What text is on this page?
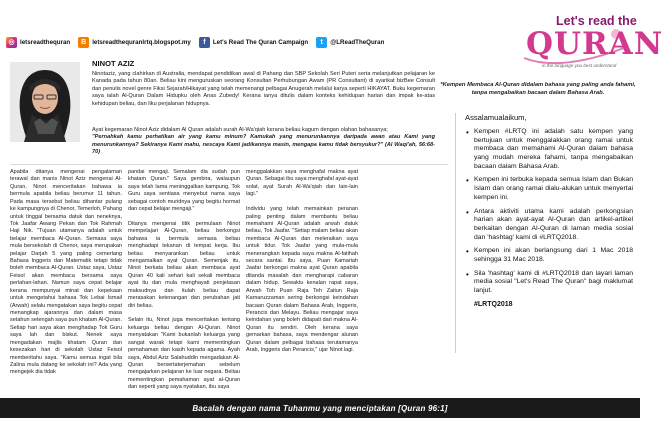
◎ letsreadthequran	B letsreadthequranlrtq.blogspot.my	f	Let's Read The Quran Campaign	t	@LReadTheQuran
Let's read the
QURAN
in the language you best understand
*Kempen Membaca Al-Quran didalam bahasa yang paling anda fahami, tanpa mengabaikan bacaan dalam Bahasa Arab.
NINOT AZIZ

Ninotaziz, yang clahirkan di Australia, mendapat pendidikan awal di Pahang dan SBP Sekolah Seri Puteri serta melanjutkan pelajaran ke Kanada pada tahun 80an. Beliau kini menguruskan seorang Konsultan Perhubungan Awam (PR Consultant) di syarikat bizBee Consult dan penulis novel genre Fiksi Sejarah/Hikayat yang telah memenangi pelbagai Anugerah melalui karya seperti HIKAYAT. Buku kegemaran saya ialah Al-Quran Dalam Hidupku oleh Anas Zubedy! Kerana ianya ditulis dalam konteks kehidupan harian dan impak ke-atas kehidupan beliau, dan liku perjalanan hidupnya.

Ayat kegemaran Ninot Aziz didalam Al Quran adalah surah Al-Wa'qiah kerana beliau kagum dengan olahan bahasanya;
"Pernahkah kamu perhatikan air yang kamu minum? Kamukah yang menurunkannya daripada awan atau Kami yang menurunkannya? Sekiranya Kami mahu, nescaya Kami jadikannya masin, mengapa kamu tidak bersyukur?" (Al Waqi'ah, 56:68-70)

Apabila ditanya mengenai pengalaman terawal dan manis Ninot Aziz mengenai Al-Quran, Ninot menceritakan bahawa ia bermula apabila beliau berumur 11 tahun. Pada masa tersebut beliau dihantar pulang ke kampungnya di Chenor, Temerloh, Pahang untuk tinggal bersama datuk dan neneknya, Tok Jaafar Awang Pekan dan Tok Rahmah Haji Nik. "Tujuan utamanya adalah untuk belajar membaca Al-Quran. Semasa saya mula bersekolah di Chenor, saya merupakan pelajar Darjah 5 yang paling cemerlang Bahasa Inggeris dan Matematik tetapi tidak boleh membaca Al-Quran. Ustaz saya, Ustaz Feisol akan membaca bersama saya perlahan-lahan. Namun saya cepat belajar kerana mempunyai minat dan kepekaan untuk mengetahui bahasa Tok Lebai Ismail (Arwah) selalu mengatakan saya begitu cepat menangkap ajarannya dan dalam masa setahun setengah saya pun khatam Al-Quran. Setiap hari saya akan menghadap Tok Guru saya lah dan biskut. Nenek saya mengadakan majlis khatam Quran dan kesezakan hari di sekolah Ustaz Feisol memberitahu saya. "Kamu semua ingat bila Zalina mula datang ke sekolah ini? Ada yang mengejek dia tidak

pandai mengaji. Semalam dia sudah pun khatam Quran." Saya gembira, walaupun saya telah lama meninggalkan kampung, Tok Guru saya sentiasa menyebut nama saya sebagai contoh muridnya yang begitu hormat dan cepat belajar mengaji."

Ditanya mengenai titik permulaan Ninot mempelajari Al-Quran, beliau berkongsi bahawa ia bermula semasa beliau menghadapi tekanan di tempat kerja. Ibu beliau menyarankan beliau untuk mengamalkan ayat Quran. Semenjak itu, Ninot berkata beliau akan membaca ayat Quran 40 kali sehari kali sekali membaca ayat itu dan mula menghayati penjelasan maksudnya dan itulah beliau dapat merasakan ketenangan dan perubahan jati diri beliau.

Selain itu, Ninot juga menceritakan tentang keluarga beliau dengan Al-Quran. Ninot menyatakan "Kami bukanlah keluarga yang sangat warak tetapi kami mementingkan pemahaman dan kasih kepada agama. Ayah saya, Abdul Aziz Salahuddin mengadakan Al-Quran bersertaterjemahan sebelum mengajarkan pelajaran ke luar negara. Beliau mementingkan pemahaman ayat al-Quran dan seperti yang saya nyatakan, ibu saya

menggalakkan saya menghafal makna ayat Quran. Sebagai ibu saya menghafal ayat-ayat solat, ayat Surah Al-Wa'qiah dan lain-lain lagi."

Individu yang telah memainkan peranan paling penting dalam membantu beliau memahami Al-Quran adalah arwah datuk beliau, Tok Jaafar. "Setiap malam beliau akan membaca Al-Quran dan meleraikan saya untuk tidur. Tok Jaafar yang mula-mula menerangkan kepada saya makna Al-fatihah secara santai. Ibu saya, Puan Kamariah Jaafar berkongsi makna ayat Quran apabila ditanda masalah dan mengharapi cabaran dalam hidup. Sewaktu kenalan rapat saya, Arwah Toh Puan Raja Teh Zaitun Raja Kamaruzzaman sering berkongsi keindahan bacaan Quran dalam Bahasa Arab, Inggeris, Perancis dan Melayu. Beliau mengajar saya keindahan yang boleh didapati dari makna Al-Quran itu sendiri. Oleh kerana saya gemarkan bahasa, saya mendengar alunan Quran dalam pelbagai bahasa terutamanya Arab, Inggeris dan Perancis," ujar Ninot lagi.

Assalamualaikum,
• Kempen #LRTQ ini adalah satu kempen yang bertujuan untuk menggalakkan orang ramai untuk membaca dan memahami Al-Quran dalam bahasa yang mudah mereka fahami, tanpa mengabaikan bacaan dalam Bahasa Arab.
• Kempen ini terbuka kepada semua Islam dan Bukan Islam dan orang ramai dialu-alukan untuk menyertai kempen ini.
• Antara aktiviti utama kami adalah perkongsian harian akan ayat-ayat Al-Quran dan artikel-artikel berkaitan dengan Al-Quran di laman media sosial dan 'hashtag' kami di #LRTQ2018.
• Kempen ini akan berlangsung dari 1 Mac 2018 sehingga 31 Mac 2018.
• Sila 'hashtag' kami di #LRTQ2018 dan layari laman media sosial "Let's Read The Quran" bagi maklumat lanjut.
#LRTQ2018
Bacalah dengan nama Tuhanmu yang menciptakan [Quran 96:1]
